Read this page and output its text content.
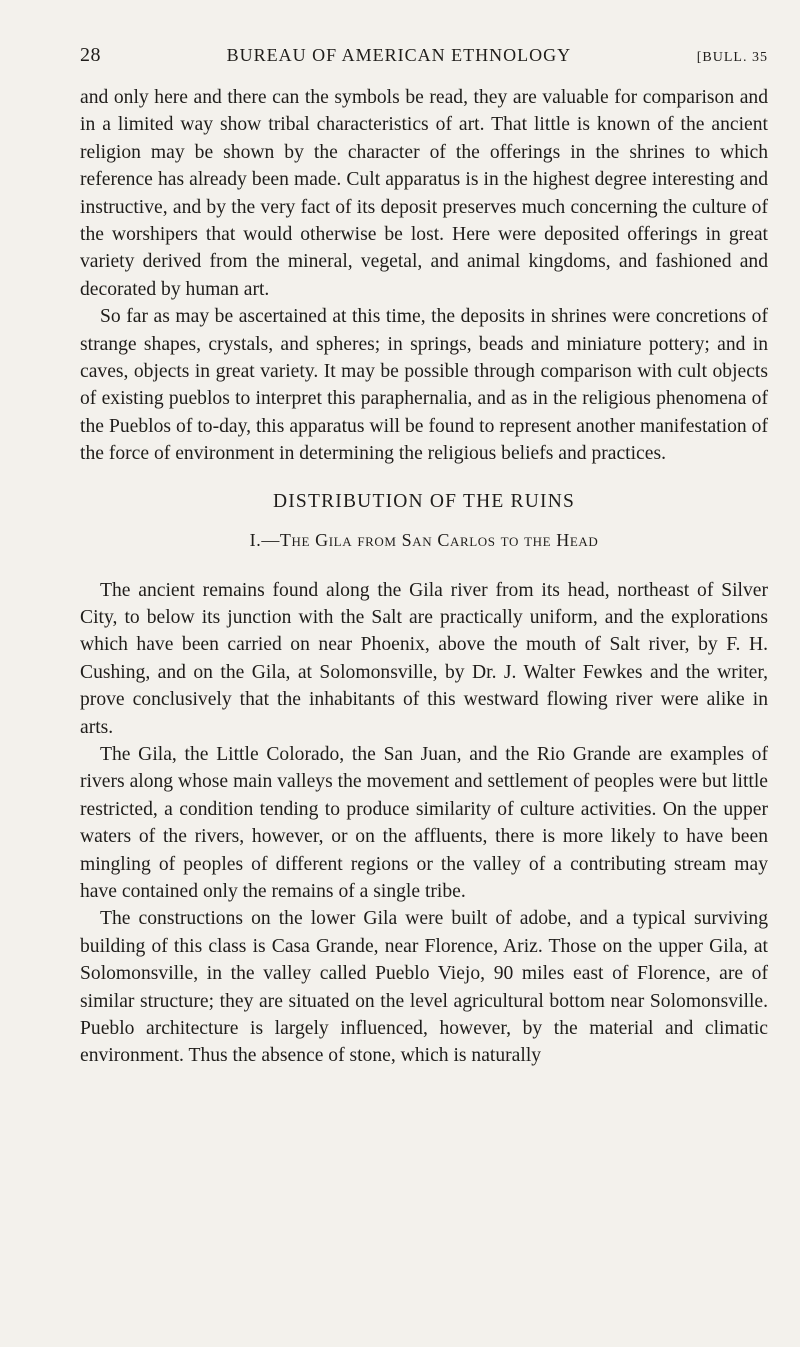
28	BUREAU OF AMERICAN ETHNOLOGY	[BULL. 35

and only here and there can the symbols be read, they are valuable for comparison and in a limited way show tribal characteristics of art. That little is known of the ancient religion may be shown by the character of the offerings in the shrines to which reference has already been made. Cult apparatus is in the highest degree interesting and instructive, and by the very fact of its deposit preserves much concerning the culture of the worshipers that would otherwise be lost. Here were deposited offerings in great variety derived from the mineral, vegetal, and animal kingdoms, and fashioned and decorated by human art.

So far as may be ascertained at this time, the deposits in shrines were concretions of strange shapes, crystals, and spheres; in springs, beads and miniature pottery; and in caves, objects in great variety. It may be possible through comparison with cult objects of existing pueblos to interpret this paraphernalia, and as in the religious phenomena of the Pueblos of to-day, this apparatus will be found to represent another manifestation of the force of environment in determining the religious beliefs and practices.

DISTRIBUTION OF THE RUINS
I.—The Gila from San Carlos to the Head

The ancient remains found along the Gila river from its head, northeast of Silver City, to below its junction with the Salt are practically uniform, and the explorations which have been carried on near Phoenix, above the mouth of Salt river, by F. H. Cushing, and on the Gila, at Solomonsville, by Dr. J. Walter Fewkes and the writer, prove conclusively that the inhabitants of this westward flowing river were alike in arts.

The Gila, the Little Colorado, the San Juan, and the Rio Grande are examples of rivers along whose main valleys the movement and settlement of peoples were but little restricted, a condition tending to produce similarity of culture activities. On the upper waters of the rivers, however, or on the affluents, there is more likely to have been mingling of peoples of different regions or the valley of a contributing stream may have contained only the remains of a single tribe.

The constructions on the lower Gila were built of adobe, and a typical surviving building of this class is Casa Grande, near Florence, Ariz. Those on the upper Gila, at Solomonsville, in the valley called Pueblo Viejo, 90 miles east of Florence, are of similar structure; they are situated on the level agricultural bottom near Solomonsville. Pueblo architecture is largely influenced, however, by the material and climatic environment. Thus the absence of stone, which is naturally
